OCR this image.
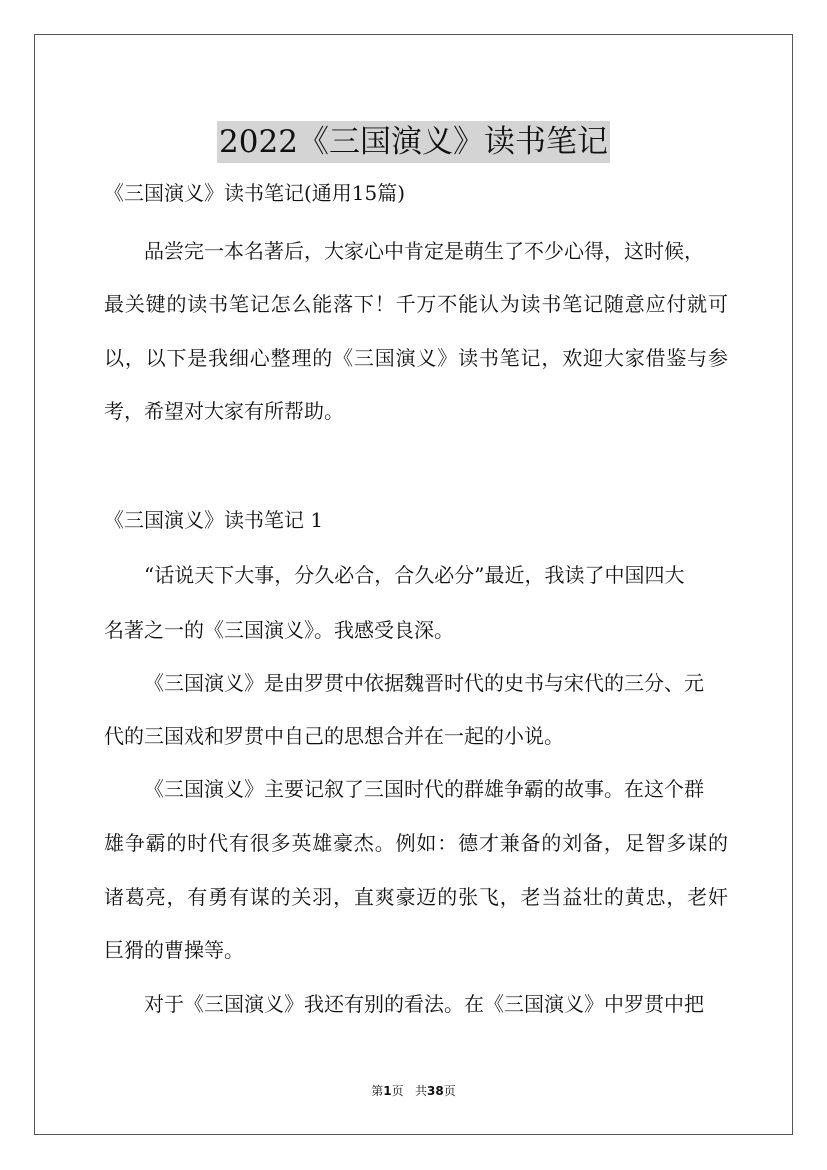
2022《三国演义》读书笔记

《三国演义》读书笔记(通用15篇)

品尝完一本名著后，大家心中肯定是萌生了不少心得，这时候，

最关键的读书笔记怎么能落下！千万不能认为读书笔记随意应付就可

以，以下是我细心整理的《三国演义》读书笔记，欢迎大家借鉴与参

考，希望对大家有所帮助。

《三国演义》读书笔记 1

“话说天下大事，分久必合，合久必分”最近，我读了中国四大

名著之一的《三国演义》。我感受良深。

《三国演义》是由罗贯中依据魏晋时代的史书与宋代的三分、元

代的三国戏和罗贯中自己的思想合并在一起的小说。

《三国演义》主要记叙了三国时代的群雄争霸的故事。在这个群

雄争霸的时代有很多英雄豪杰。例如：德才兼备的刘备，足智多谋的

诸葛亮，有勇有谋的关羽，直爽豪迈的张飞，老当益壮的黄忠，老奸

巨猾的曹操等。

对于《三国演义》我还有别的看法。在《三国演义》中罗贯中把

第1页   共38页
